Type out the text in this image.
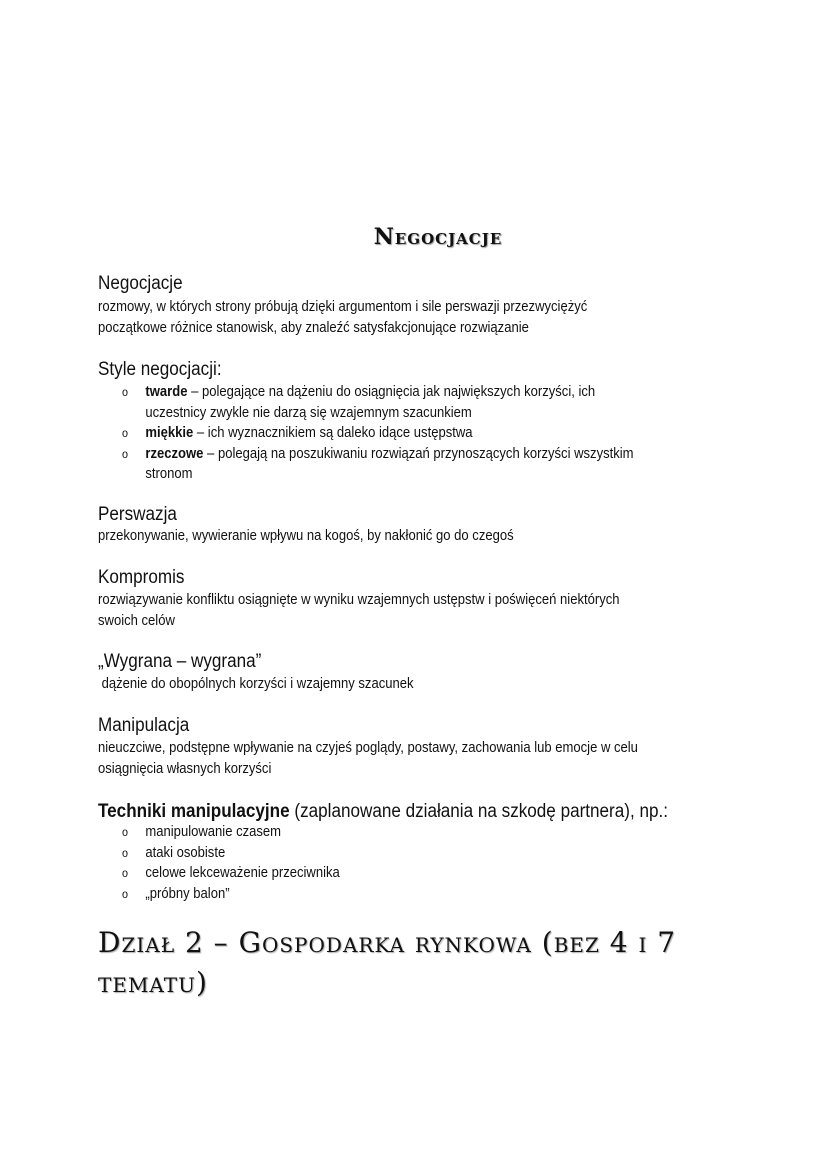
Negocjacje
Negocjacje
rozmowy, w których strony próbują dzięki argumentom i sile perswazji przezwyciężyć
początkowe różnice stanowisk, aby znaleźć satysfakcjonujące rozwiązanie
Style negocjacji:
o twarde – polegające na dążeniu do osiągnięcia jak największych korzyści, ich
uczestnicy zwykle nie darzą się wzajemnym szacunkiem
o miękkie – ich wyznacznikiem są daleko idące ustępstwa
o rzeczowe – polegają na poszukiwaniu rozwiązań przynoszących korzyści wszystkim
stronom
Perswazja
przekonywanie, wywieranie wpływu na kogoś, by nakłonić go do czegoś
Kompromis
rozwiązywanie konfliktu osiągnięte w wyniku wzajemnych ustępstw i poświęceń niektórych
swoich celów
„Wygrana – wygrana”
dążenie do obopólnych korzyści i wzajemny szacunek
Manipulacja
nieuczciwe, podstępne wpływanie na czyjeś poglądy, postawy, zachowania lub emocje w celu
osiągnięcia własnych korzyści
Techniki manipulacyjne (zaplanowane działania na szkodę partnera), np.:
o manipulowanie czasem
o ataki osobiste
o celowe lekceważenie przeciwnika
o „próbny balon”
Dział 2 – Gospodarka rynkowa (bez 4 i 7
tematu)
